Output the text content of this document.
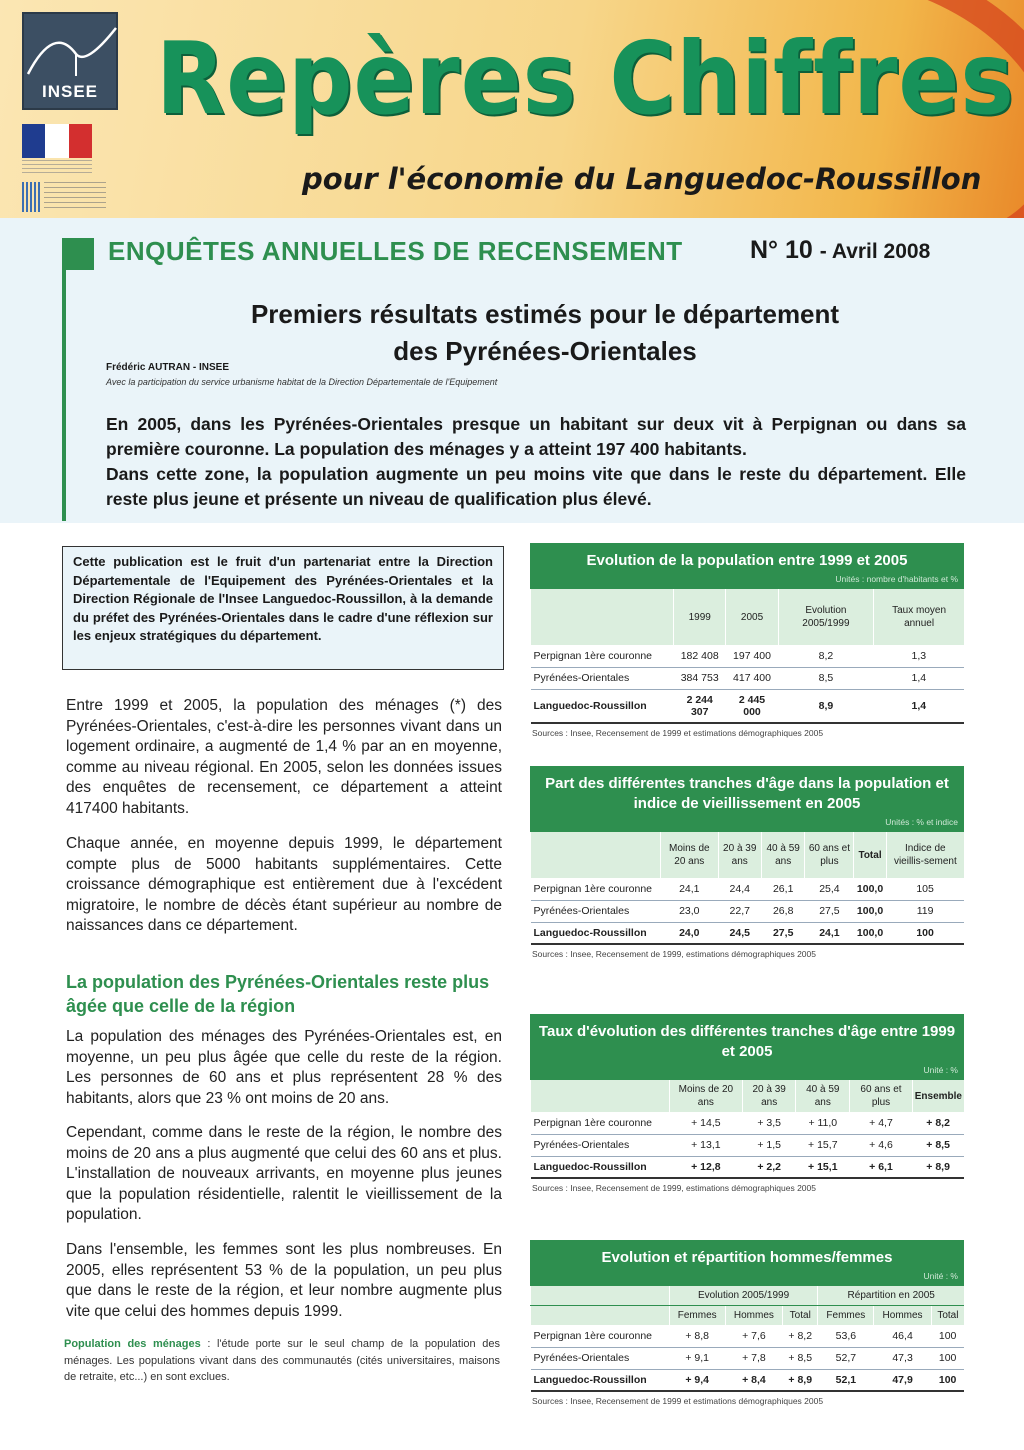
INSEE Repères Chiffres
pour l'économie du Languedoc-Roussillon
ENQUÊTES ANNUELLES DE RECENSEMENT	N° 10 - Avril 2008
Premiers résultats estimés pour le département
des Pyrénées-Orientales
Frédéric AUTRAN - INSEE
Avec la participation du service urbanisme habitat de la Direction Départementale de l'Equipement
En 2005, dans les Pyrénées-Orientales presque un habitant sur deux vit à Perpignan ou dans sa première couronne. La population des ménages y a atteint 197 400 habitants.
Dans cette zone, la population augmente un peu moins vite que dans le reste du département. Elle reste plus jeune et présente un niveau de qualification plus élevé.
Cette publication est le fruit d'un partenariat entre la Direction Départementale de l'Equipement des Pyrénées-Orientales et la Direction Régionale de l'Insee Languedoc-Roussillon, à la demande du préfet des Pyrénées-Orientales dans le cadre d'une réflexion sur les enjeux stratégiques du département.
Entre 1999 et 2005, la population des ménages (*) des Pyrénées-Orientales, c'est-à-dire les personnes vivant dans un logement ordinaire, a augmenté de 1,4 % par an en moyenne, comme au niveau régional. En 2005, selon les données issues des enquêtes de recensement, ce département a atteint 417400 habitants.
Chaque année, en moyenne depuis 1999, le département compte plus de 5000 habitants supplémentaires. Cette croissance démographique est entièrement due à l'excédent migratoire, le nombre de décès étant supérieur au nombre de naissances dans ce département.
La population des Pyrénées-Orientales reste plus âgée que celle de la région
La population des ménages des Pyrénées-Orientales est, en moyenne, un peu plus âgée que celle du reste de la région. Les personnes de 60 ans et plus représentent 28 % des habitants, alors que 23 % ont moins de 20 ans.
Cependant, comme dans le reste de la région, le nombre des moins de 20 ans a plus augmenté que celui des 60 ans et plus. L'installation de nouveaux arrivants, en moyenne plus jeunes que la population résidentielle, ralentit le vieillissement de la population.
Dans l'ensemble, les femmes sont les plus nombreuses. En 2005, elles représentent 53 % de la population, un peu plus que dans le reste de la région, et leur nombre augmente plus vite que celui des hommes depuis 1999.
Population des ménages : l'étude porte sur le seul champ de la population des ménages. Les populations vivant dans des communautés (cités universitaires, maisons de retraite, etc...) en sont exclues.
Evolution de la population entre 1999 et 2005
Unités : nombre d'habitants et %
	1999	2005	Evolution 2005/1999	Taux moyen annuel
Perpignan 1ère couronne	182 408	197 400	8,2	1,3
Pyrénées-Orientales	384 753	417 400	8,5	1,4
Languedoc-Roussillon	2 244 307	2 445 000	8,9	1,4
Sources : Insee, Recensement de 1999 et estimations démographiques 2005
Part des différentes tranches d'âge dans la population et indice de vieillissement en 2005
Unités : % et indice
	Moins de 20 ans	20 à 39 ans	40 à 59 ans	60 ans et plus	Total	Indice de vieillis-sement
Perpignan 1ère couronne	24,1	24,4	26,1	25,4	100,0	105
Pyrénées-Orientales	23,0	22,7	26,8	27,5	100,0	119
Languedoc-Roussillon	24,0	24,5	27,5	24,1	100,0	100
Sources : Insee, Recensement de 1999, estimations démographiques 2005
Taux d'évolution des différentes tranches d'âge entre 1999 et 2005
Unité : %
	Moins de 20 ans	20 à 39 ans	40 à 59 ans	60 ans et plus	Ensemble
Perpignan 1ère couronne	+ 14,5	+ 3,5	+ 11,0	+ 4,7	+ 8,2
Pyrénées-Orientales	+ 13,1	+ 1,5	+ 15,7	+ 4,6	+ 8,5
Languedoc-Roussillon	+ 12,8	+ 2,2	+ 15,1	+ 6,1	+ 8,9
Sources : Insee, Recensement de 1999, estimations démographiques 2005
Evolution et répartition hommes/femmes
Unité : %
	Evolution 2005/1999			Répartition en 2005		
	Femmes	Hommes	Total	Femmes	Hommes	Total
Perpignan 1ère couronne	+ 8,8	+ 7,6	+ 8,2	53,6	46,4	100
Pyrénées-Orientales	+ 9,1	+ 7,8	+ 8,5	52,7	47,3	100
Languedoc-Roussillon	+ 9,4	+ 8,4	+ 8,9	52,1	47,9	100
Sources : Insee, Recensement de 1999 et estimations démographiques 2005
